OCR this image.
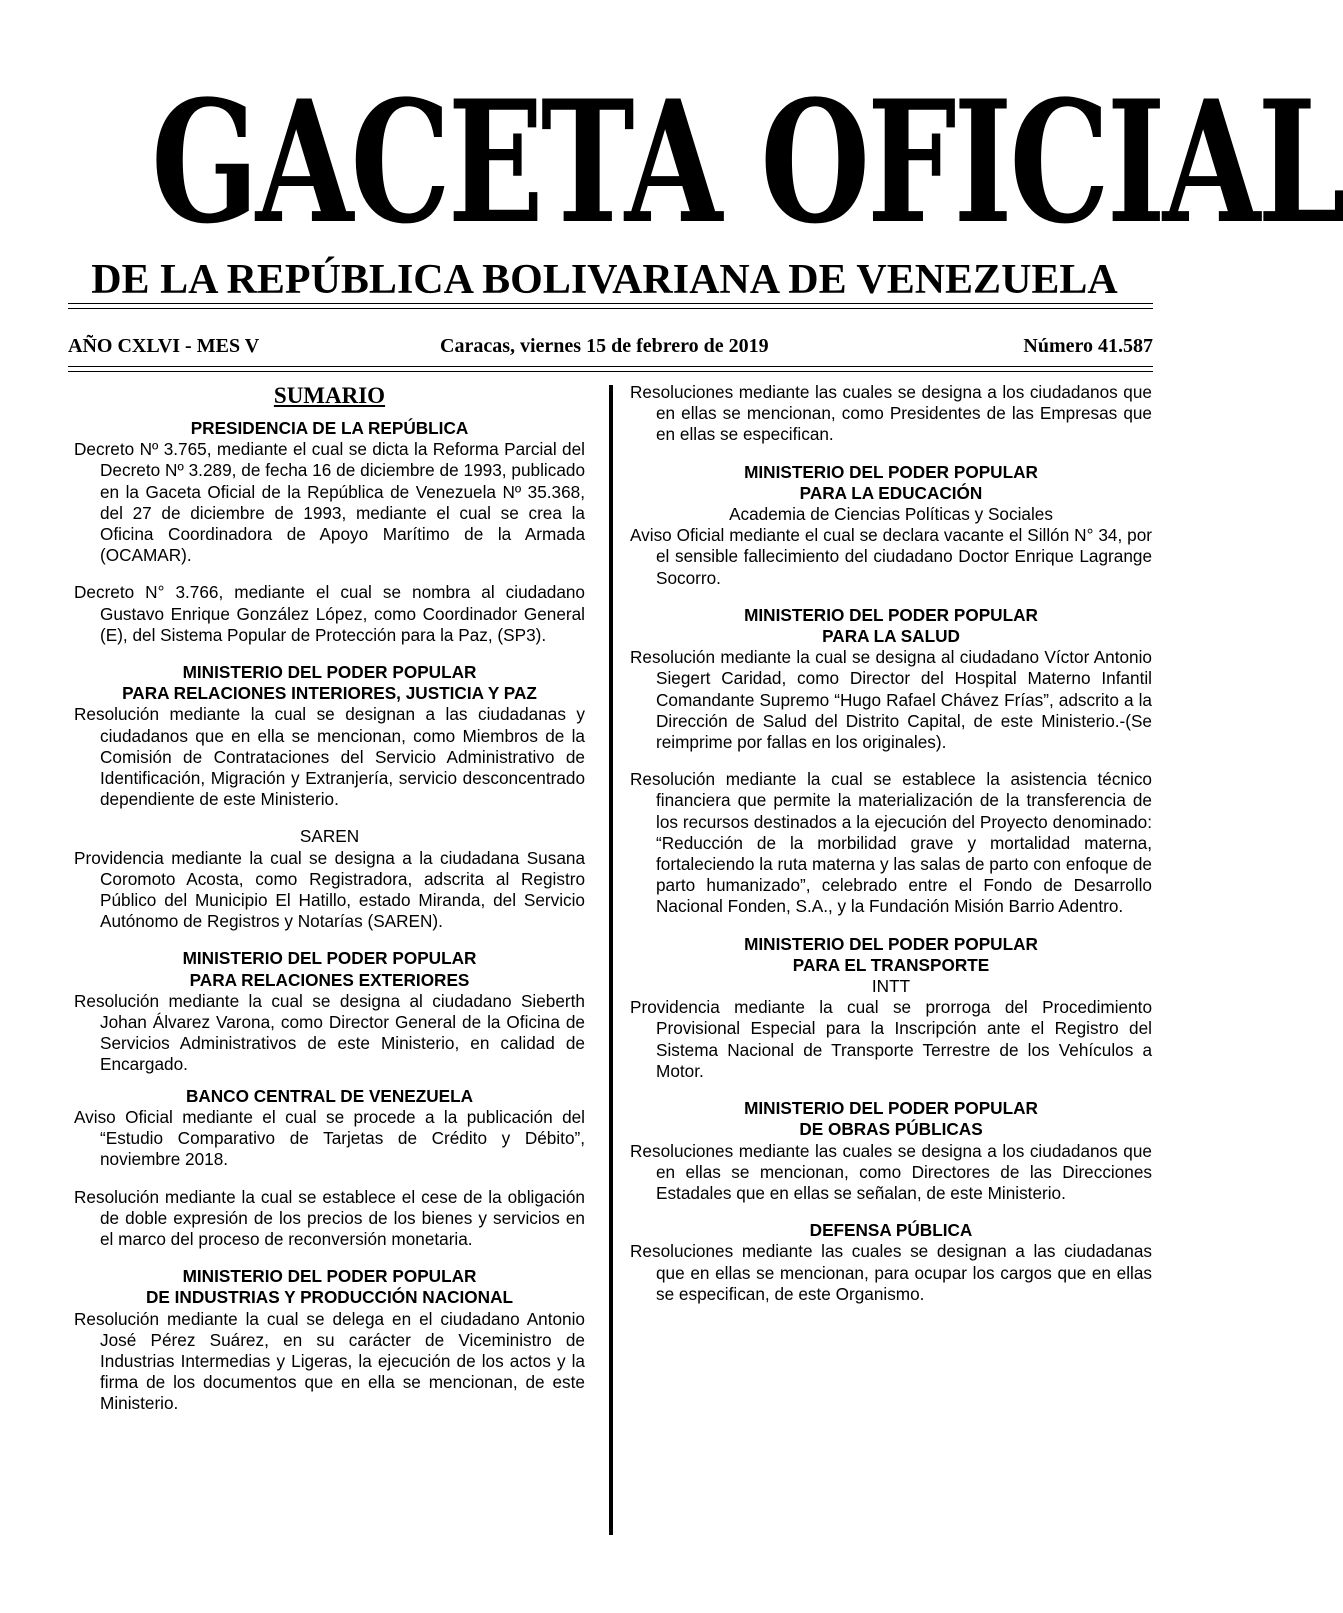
GACETA OFICIAL
DE LA REPÚBLICA BOLIVARIANA DE VENEZUELA
AÑO CXLVI - MES V	Caracas, viernes 15 de febrero de 2019	Número 41.587
SUMARIO
PRESIDENCIA DE LA REPÚBLICA

Decreto Nº 3.765, mediante el cual se dicta la Reforma Parcial del Decreto Nº 3.289, de fecha 16 de diciembre de 1993, publicado en la Gaceta Oficial de la República de Venezuela Nº 35.368, del 27 de diciembre de 1993, mediante el cual se crea la Oficina Coordinadora de Apoyo Marítimo de la Armada (OCAMAR).

Decreto N° 3.766, mediante el cual se nombra al ciudadano Gustavo Enrique González López, como Coordinador General (E), del Sistema Popular de Protección para la Paz, (SP3).

MINISTERIO DEL PODER POPULAR
PARA RELACIONES INTERIORES, JUSTICIA Y PAZ

Resolución mediante la cual se designan a las ciudadanas y ciudadanos que en ella se mencionan, como Miembros de la Comisión de Contrataciones del Servicio Administrativo de Identificación, Migración y Extranjería, servicio desconcentrado dependiente de este Ministerio.

SAREN

Providencia mediante la cual se designa a la ciudadana Susana Coromoto Acosta, como Registradora, adscrita al Registro Público del Municipio El Hatillo, estado Miranda, del Servicio Autónomo de Registros y Notarías (SAREN).

MINISTERIO DEL PODER POPULAR
PARA RELACIONES EXTERIORES

Resolución mediante la cual se designa al ciudadano Sieberth Johan Álvarez Varona, como Director General de la Oficina de Servicios Administrativos de este Ministerio, en calidad de Encargado.

BANCO CENTRAL DE VENEZUELA

Aviso Oficial mediante el cual se procede a la publicación del “Estudio Comparativo de Tarjetas de Crédito y Débito”, noviembre 2018.

Resolución mediante la cual se establece el cese de la obligación de doble expresión de los precios de los bienes y servicios en el marco del proceso de reconversión monetaria.

MINISTERIO DEL PODER POPULAR
DE INDUSTRIAS Y PRODUCCIÓN NACIONAL

Resolución mediante la cual se delega en el ciudadano Antonio José Pérez Suárez, en su carácter de Viceministro de Industrias Intermedias y Ligeras, la ejecución de los actos y la firma de los documentos que en ella se mencionan, de este Ministerio.

Resoluciones mediante las cuales se designa a los ciudadanos que en ellas se mencionan, como Presidentes de las Empresas que en ellas se especifican.

MINISTERIO DEL PODER POPULAR
PARA LA EDUCACIÓN
Academia de Ciencias Políticas y Sociales

Aviso Oficial mediante el cual se declara vacante el Sillón N° 34, por el sensible fallecimiento del ciudadano Doctor Enrique Lagrange Socorro.

MINISTERIO DEL PODER POPULAR
PARA LA SALUD

Resolución mediante la cual se designa al ciudadano Víctor Antonio Siegert Caridad, como Director del Hospital Materno Infantil Comandante Supremo “Hugo Rafael Chávez Frías”, adscrito a la Dirección de Salud del Distrito Capital, de este Ministerio.-(Se reimprime por fallas en los originales).

Resolución mediante la cual se establece la asistencia técnico financiera que permite la materialización de la transferencia de los recursos destinados a la ejecución del Proyecto denominado: “Reducción de la morbilidad grave y mortalidad materna, fortaleciendo la ruta materna y las salas de parto con enfoque de parto humanizado”, celebrado entre el Fondo de Desarrollo Nacional Fonden, S.A., y la Fundación Misión Barrio Adentro.

MINISTERIO DEL PODER POPULAR
PARA EL TRANSPORTE
INTT

Providencia mediante la cual se prorroga del Procedimiento Provisional Especial para la Inscripción ante el Registro del Sistema Nacional de Transporte Terrestre de los Vehículos a Motor.

MINISTERIO DEL PODER POPULAR
DE OBRAS PÚBLICAS

Resoluciones mediante las cuales se designa a los ciudadanos que en ellas se mencionan, como Directores de las Direcciones Estadales que en ellas se señalan, de este Ministerio.

DEFENSA PÚBLICA

Resoluciones mediante las cuales se designan a las ciudadanas que en ellas se mencionan, para ocupar los cargos que en ellas se especifican, de este Organismo.
